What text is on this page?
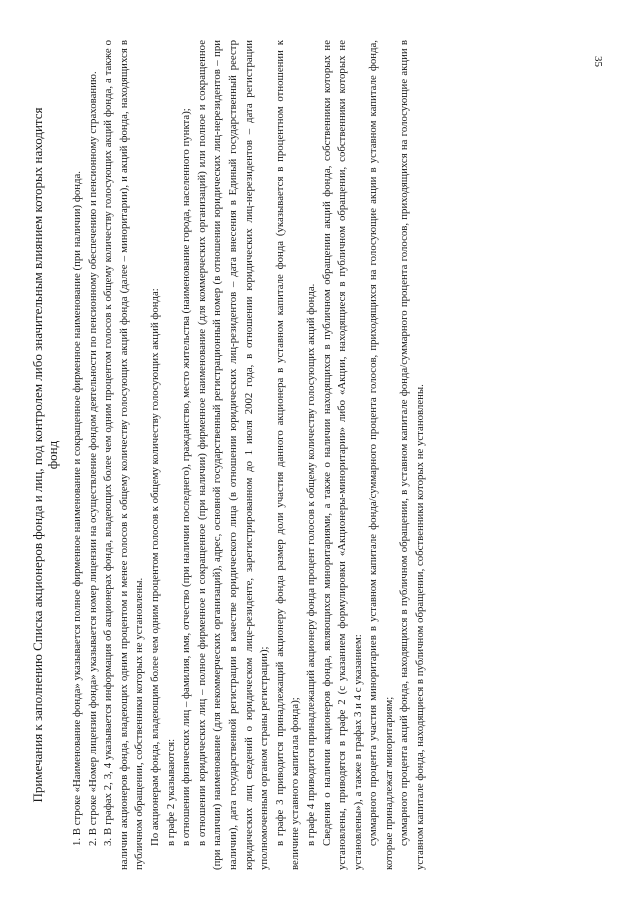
35
Примечания к заполнению Списка акционеров фонда и лиц, под контролем либо значительным влиянием которых находится фонд 1. В строке «Наименование фонда» указывается полное фирменное наименование и сокращенное фирменное наименование (при наличии) фонда. 2. В строке «Номер лицензии фонда» указывается номер лицензии на осуществление фондом деятельности по пенсионному обеспечению и пенсионному страхованию. 3. В графах 2, 3, 4 указывается информация об акционерах фонда, владеющих более чем одним процентом голосов к общему количеству голосующих акций фонда, а также о наличии акционеров фонда, владеющих одним процентом и менее голосов к общему количеству голосующих акций фонда (далее – миноритарии), и акций фонда, находящихся в публичном обращении, собственники которых не установлены. По акционерам фонда, владеющим более чем одним процентом голосов к общему количеству голосующих акций фонда: в графе 2 указываются: в отношении физических лиц – фамилия, имя, отчество (при наличии последнего), гражданство, место жительства (наименование города, населенного пункта); в отношении юридических лиц – полное фирменное и сокращенное (при наличии) фирменное наименование (для коммерческих организаций) или полное и сокращенное (при наличии) наименование (для некоммерческих организаций), адрес, основной государственный регистрационный номер (в отношении юридических лиц-нерезидентов – при наличии), дата государственной регистрации в качестве юридического лица (в отношении юридических лиц-резидентов – дата внесения в Единый государственный реестр юридических лиц сведений о юридическом лице-резиденте, зарегистрированном до 1 июля 2002 года, в отношении юридических лиц-нерезидентов – дата регистрации уполномоченным органом страны регистрации); в графе 3 приводится принадлежащий акционеру фонда размер доли участия данного акционера в уставном капитале фонда (указывается в процентном отношении к величине уставного капитала фонда); в графе 4 приводится принадлежащий акционеру фонда процент голосов к общему количеству голосующих акций фонда. Сведения о наличии акционеров фонда, являющихся миноритариями, а также о наличии находящихся в публичном обращении акций фонда, собственники которых не установлены, приводятся в графе 2 (с указанием формулировки «Акционеры-миноритарии» либо «Акции, находящиеся в публичном обращении, собственники которых не установлены»), а также в графах 3 и 4 с указанием: суммарного процента участия миноритариев в уставном капитале фонда/суммарного процента голосов, приходящихся на голосующие акции в уставном капитале фонда, которые принадлежат миноритариям; суммарного процента акций фонда, находящихся в публичном обращении, в уставном капитале фонда/суммарного процента голосов, приходящихся на голосующие акции в уставном капитале фонда, находящиеся в публичном обращении, собственники которых не установлены.
